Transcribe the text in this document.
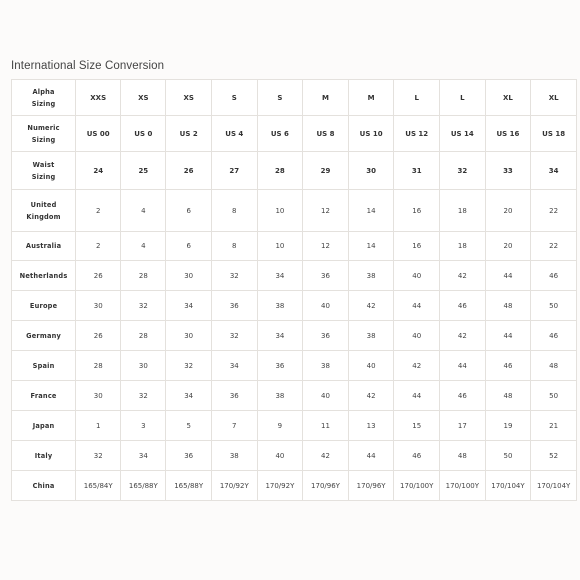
International Size Conversion
Alpha
Sizing	XXS	XS	XS	S	S	M	M	L	L	XL	XL
Numeric
Sizing	US 00	US 0	US 2	US 4	US 6	US 8	US 10	US 12	US 14	US 16	US 18
Waist
Sizing	24	25	26	27	28	29	30	31	32	33	34
United
Kingdom	2	4	6	8	10	12	14	16	18	20	22
Australia	2	4	6	8	10	12	14	16	18	20	22
Netherlands	26	28	30	32	34	36	38	40	42	44	46
Europe	30	32	34	36	38	40	42	44	46	48	50
Germany	26	28	30	32	34	36	38	40	42	44	46
Spain	28	30	32	34	36	38	40	42	44	46	48
France	30	32	34	36	38	40	42	44	46	48	50
Japan	1	3	5	7	9	11	13	15	17	19	21
Italy	32	34	36	38	40	42	44	46	48	50	52
China	165/84Y	165/88Y	165/88Y	170/92Y	170/92Y	170/96Y	170/96Y	170/100Y	170/100Y	170/104Y	170/104Y
